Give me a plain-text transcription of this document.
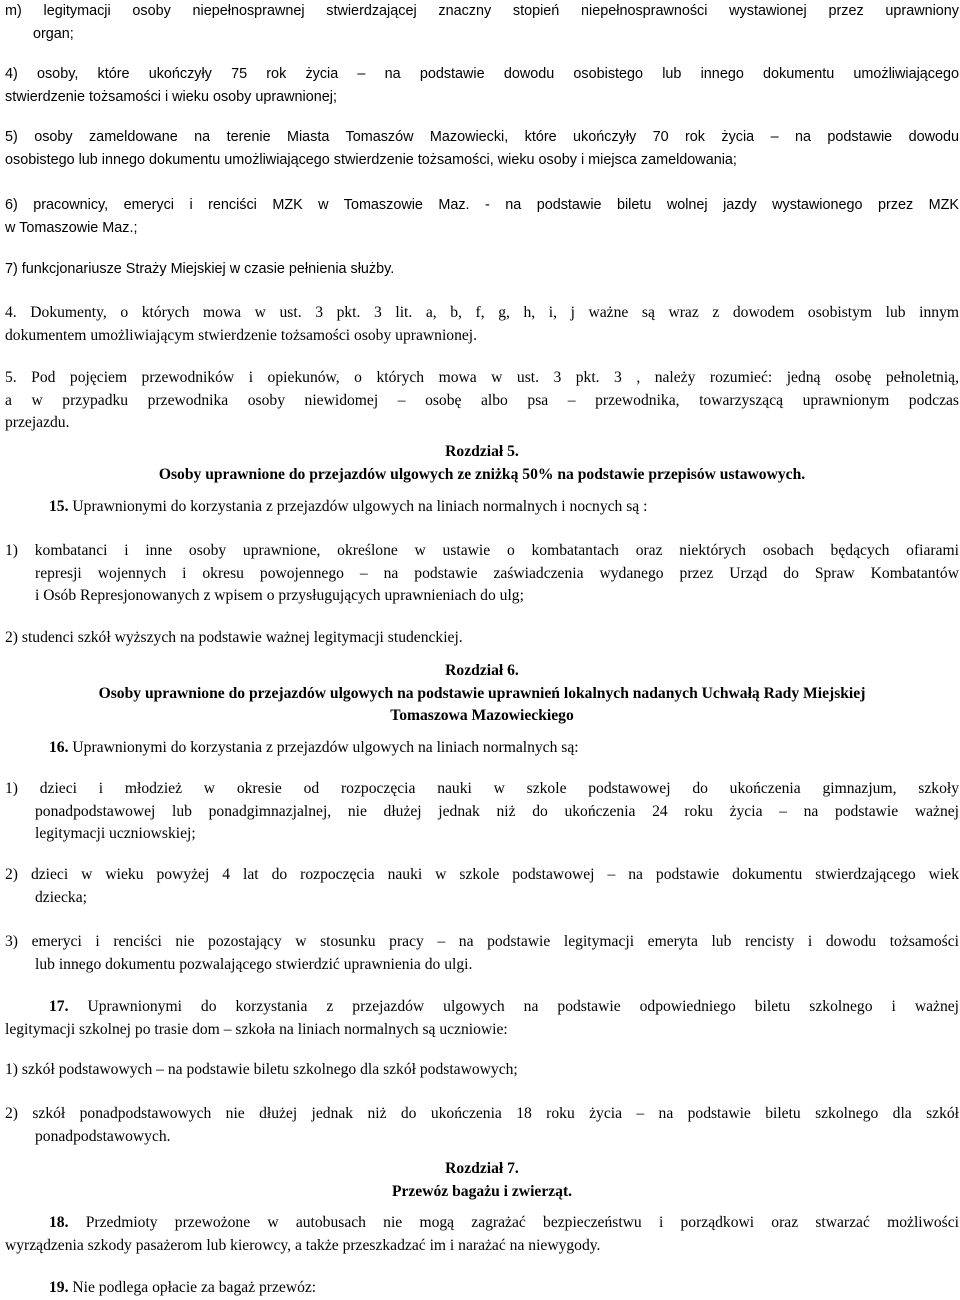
m) legitymacji osoby niepełnosprawnej stwierdzającej znaczny stopień niepełnosprawności wystawionej przez uprawniony

organ;

4) osoby, które ukończyły 75 rok życia – na podstawie dowodu osobistego lub innego dokumentu umożliwiającego

stwierdzenie tożsamości i wieku osoby uprawnionej;

5) osoby zameldowane na terenie Miasta Tomaszów Mazowiecki, które ukończyły 70 rok życia – na podstawie dowodu

osobistego lub innego dokumentu umożliwiającego stwierdzenie tożsamości, wieku osoby i miejsca zameldowania;

6) pracownicy, emeryci i renciści MZK w Tomaszowie Maz. - na podstawie biletu wolnej jazdy wystawionego przez MZK

w Tomaszowie Maz.;

7) funkcjonariusze Straży Miejskiej w czasie pełnienia służby.

4. Dokumenty, o których mowa w ust. 3 pkt. 3 lit. a, b, f, g, h, i, j ważne są wraz z dowodem osobistym lub innym

dokumentem umożliwiającym stwierdzenie tożsamości osoby uprawnionej.

5. Pod pojęciem przewodników i opiekunów, o których mowa w ust. 3 pkt. 3 , należy rozumieć: jedną osobę pełnoletnią,

a w przypadku przewodnika osoby niewidomej – osobę albo psa – przewodnika, towarzyszącą uprawnionym podczas

przejazdu.

Rozdział 5.

Osoby uprawnione do przejazdów ulgowych ze zniżką 50% na podstawie przepisów ustawowych.

15. Uprawnionymi do korzystania z przejazdów ulgowych na liniach normalnych i nocnych są :

1) kombatanci i inne osoby uprawnione, określone w ustawie o kombatantach oraz niektórych osobach będących ofiarami

represji wojennych i okresu powojennego – na podstawie zaświadczenia wydanego przez Urząd do Spraw Kombatantów

i Osób Represjonowanych z wpisem o przysługujących uprawnieniach do ulg;

2) studenci szkół wyższych na podstawie ważnej legitymacji studenckiej.

Rozdział 6.

Osoby uprawnione do przejazdów ulgowych na podstawie uprawnień lokalnych nadanych Uchwałą Rady Miejskiej

Tomaszowa Mazowieckiego

16. Uprawnionymi do korzystania z przejazdów ulgowych na liniach normalnych są:

1) dzieci i młodzież w okresie od rozpoczęcia nauki w szkole podstawowej do ukończenia gimnazjum, szkoły

ponadpodstawowej lub ponadgimnazjalnej, nie dłużej jednak niż do ukończenia 24 roku życia – na podstawie ważnej

legitymacji uczniowskiej;

2) dzieci w wieku powyżej 4 lat do rozpoczęcia nauki w szkole podstawowej – na podstawie dokumentu stwierdzającego wiek

dziecka;

3) emeryci i renciści nie pozostający w stosunku pracy – na podstawie legitymacji emeryta lub rencisty i dowodu tożsamości

lub innego dokumentu pozwalającego stwierdzić uprawnienia do ulgi.

17. Uprawnionymi do korzystania z przejazdów ulgowych na podstawie odpowiedniego biletu szkolnego i ważnej

legitymacji szkolnej po trasie dom – szkoła na liniach normalnych są uczniowie:

1) szkół podstawowych – na podstawie biletu szkolnego dla szkół podstawowych;

2) szkół ponadpodstawowych nie dłużej jednak niż do ukończenia 18 roku życia – na podstawie biletu szkolnego dla szkół

ponadpodstawowych.

Rozdział 7.

Przewóz bagażu i zwierząt.

18. Przedmioty przewożone w autobusach nie mogą zagrażać bezpieczeństwu i porządkowi oraz stwarzać możliwości

wyrządzenia szkody pasażerom lub kierowcy, a także przeszkadzać im i narażać na niewygody.

19. Nie podlega opłacie za bagaż przewóz:
